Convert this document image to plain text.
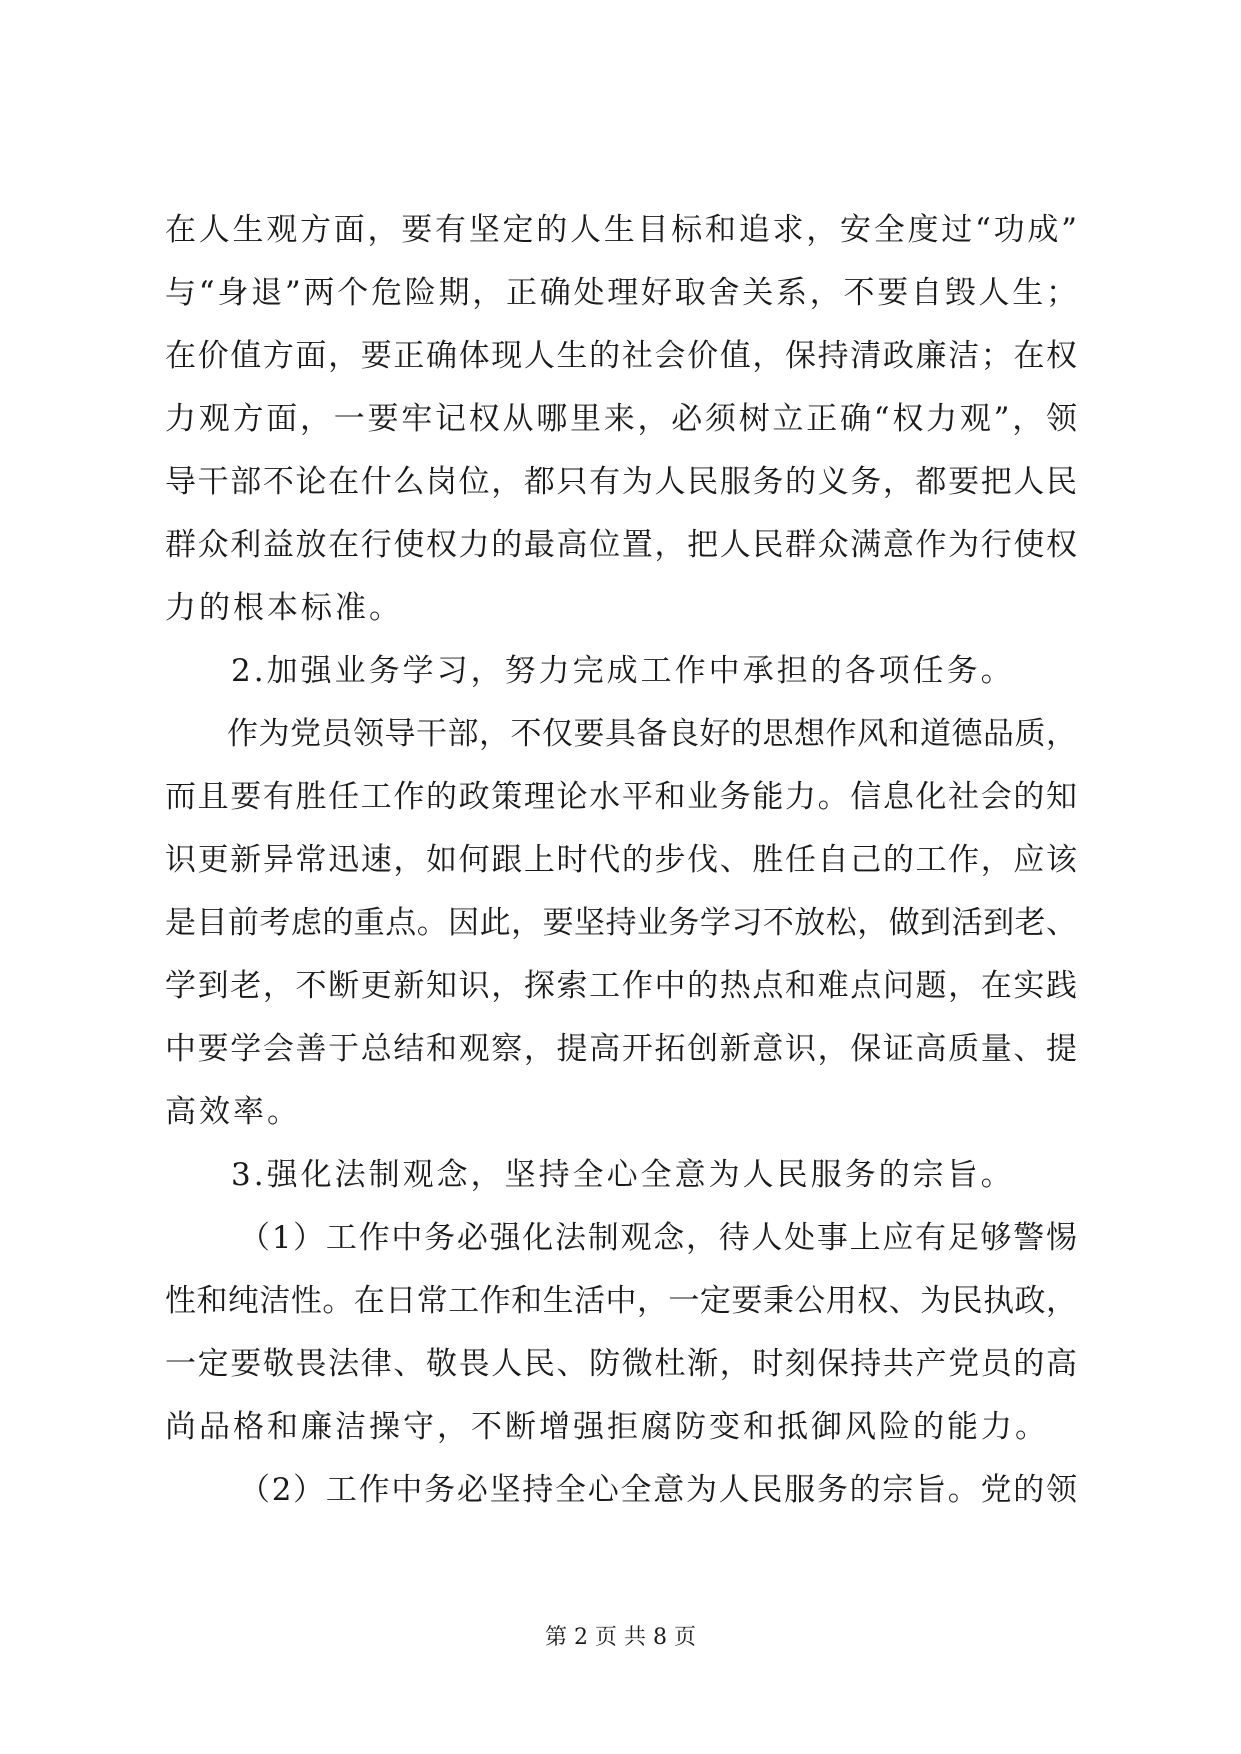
在人生观方面，要有坚定的人生目标和追求，安全度过“功成”
与“身退”两个危险期，正确处理好取舍关系，不要自毁人生；
在价值方面，要正确体现人生的社会价值，保持清政廉洁；在权
力观方面，一要牢记权从哪里来，必须树立正确“权力观”，领
导干部不论在什么岗位，都只有为人民服务的义务，都要把人民
群众利益放在行使权力的最高位置，把人民群众满意作为行使权
力的根本标准。
2.加强业务学习，努力完成工作中承担的各项任务。
作为党员领导干部，不仅要具备良好的思想作风和道德品质，
而且要有胜任工作的政策理论水平和业务能力。信息化社会的知
识更新异常迅速，如何跟上时代的步伐、胜任自己的工作，应该
是目前考虑的重点。因此，要坚持业务学习不放松，做到活到老、
学到老，不断更新知识，探索工作中的热点和难点问题，在实践
中要学会善于总结和观察，提高开拓创新意识，保证高质量、提
高效率。
3.强化法制观念，坚持全心全意为人民服务的宗旨。
（1）工作中务必强化法制观念，待人处事上应有足够警惕
性和纯洁性。在日常工作和生活中，一定要秉公用权、为民执政，
一定要敬畏法律、敬畏人民、防微杜渐，时刻保持共产党员的高
尚品格和廉洁操守，不断增强拒腐防变和抵御风险的能力。
（2）工作中务必坚持全心全意为人民服务的宗旨。党的领
第 2 页 共 8 页
